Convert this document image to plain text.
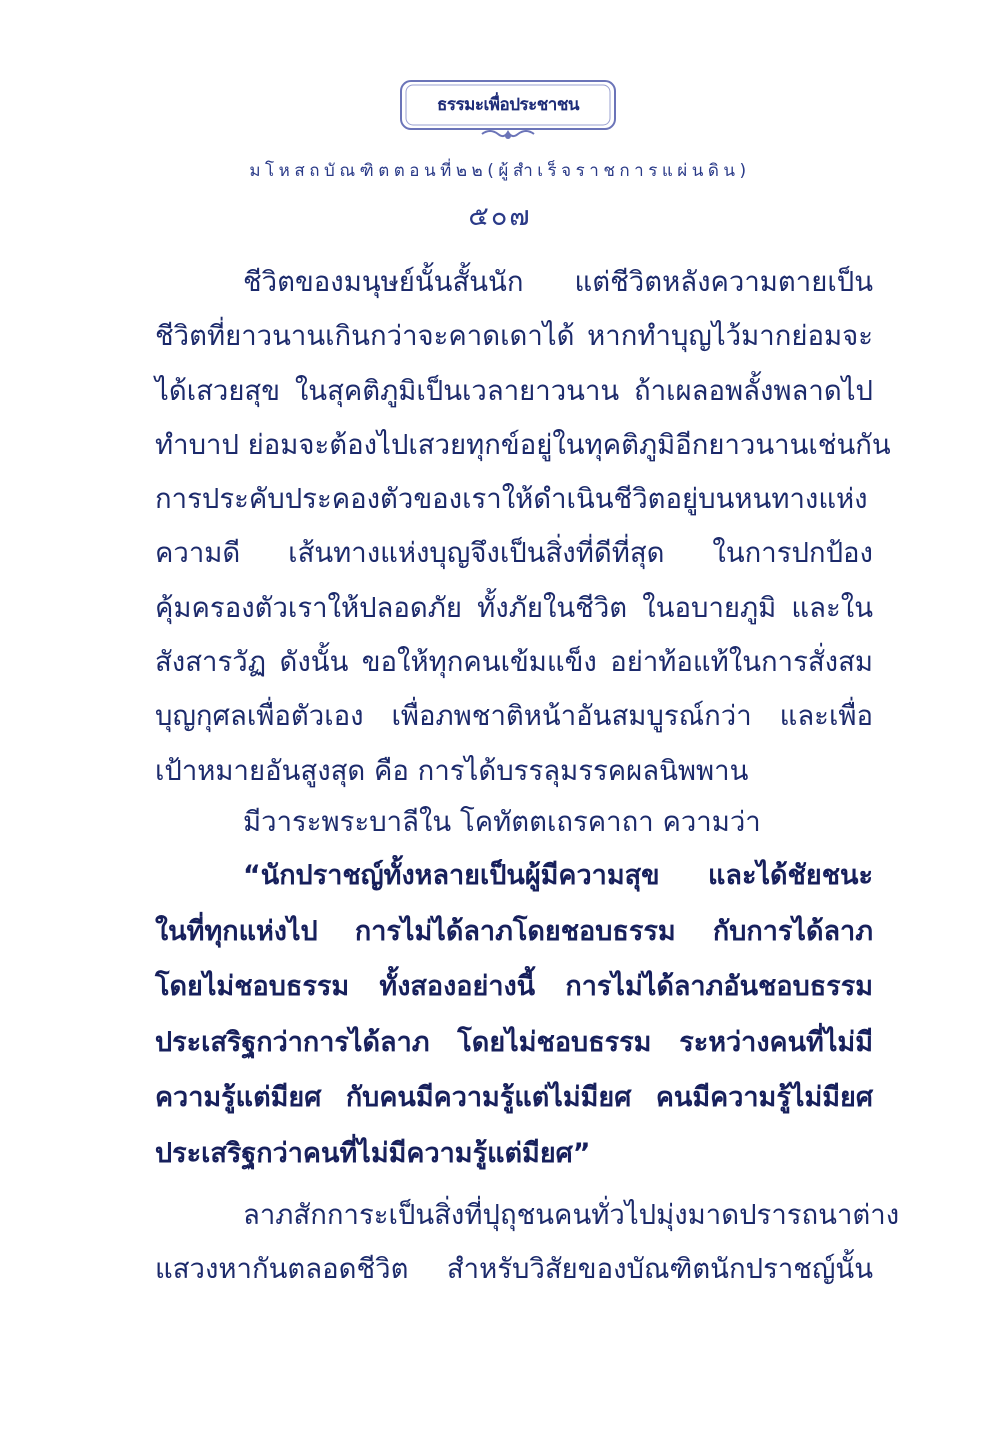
ธรรมะเพื่อประชาชน
มโหสถบัณฑิตตอนที่๒๒(ผู้สำเร็จราชการแผ่นดิน)
๕๐๗
ชีวิตของมนุษย์นั้นสั้นนัก แต่ชีวิตหลังความตายเป็น
ชีวิตที่ยาวนานเกินกว่าจะคาดเดาได้ หากทำบุญไว้มากย่อมจะ
ได้เสวยสุข ในสุคติภูมิเป็นเวลายาวนาน ถ้าเผลอพลั้งพลาดไป
ทำบาป ย่อมจะต้องไปเสวยทุกข์อยู่ในทุคติภูมิอีกยาวนานเช่นกัน
การประคับประคองตัวของเราให้ดำเนินชีวิตอยู่บนหนทางแห่ง
ความดี เส้นทางแห่งบุญจึงเป็นสิ่งที่ดีที่สุด ในการปกป้อง
คุ้มครองตัวเราให้ปลอดภัย ทั้งภัยในชีวิต ในอบายภูมิ และใน
สังสารวัฏ ดังนั้น ขอให้ทุกคนเข้มแข็ง อย่าท้อแท้ในการสั่งสม
บุญกุศลเพื่อตัวเอง เพื่อภพชาติหน้าอันสมบูรณ์กว่า และเพื่อ
เป้าหมายอันสูงสุด คือ การได้บรรลุมรรคผลนิพพาน
มีวาระพระบาลีใน โคทัตตเถรคาถา ความว่า
“นักปราชญ์ทั้งหลายเป็นผู้มีความสุข และได้ชัยชนะ
ในที่ทุกแห่งไป การไม่ได้ลาภโดยชอบธรรม กับการได้ลาภ
โดยไม่ชอบธรรม ทั้งสองอย่างนี้ การไม่ได้ลาภอันชอบธรรม
ประเสริฐกว่าการได้ลาภ โดยไม่ชอบธรรม ระหว่างคนที่ไม่มี
ความรู้แต่มียศ กับคนมีความรู้แต่ไม่มียศ คนมีความรู้ไม่มียศ
ประเสริฐกว่าคนที่ไม่มีความรู้แต่มียศ”
ลาภสักการะเป็นสิ่งที่ปุถุชนคนทั่วไปมุ่งมาดปรารถนาต่าง
แสวงหากันตลอดชีวิต สำหรับวิสัยของบัณฑิตนักปราชญ์นั้น
